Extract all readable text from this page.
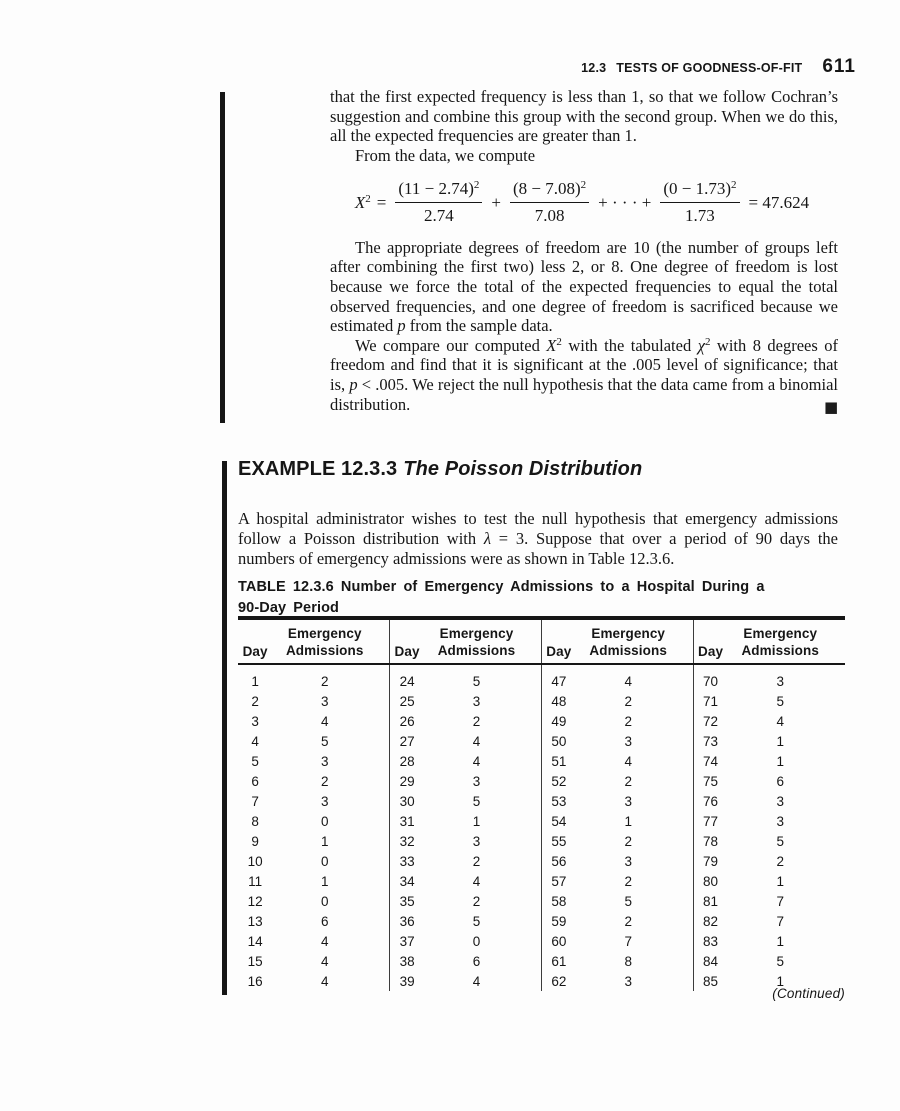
12.3 TESTS OF GOODNESS-OF-FIT 611

that the first expected frequency is less than 1, so that we follow Cochran’s suggestion and combine this group with the second group. When we do this, all the expected frequencies are greater than 1.

From the data, we compute

$X^2 = \frac{(11 - 2.74)^2}{2.74} + \frac{(8 - 7.08)^2}{7.08}$ + · · · + $\frac{(0 - 1.73)^2}{1.73} = 47.624$

The appropriate degrees of freedom are 10 (the number of groups left after combining the first two) less 2, or 8. One degree of freedom is lost because we force the total of the expected frequencies to equal the total observed frequencies, and one degree of freedom is sacrificed because we estimated p from the sample data.

We compare our computed $X^2$ with the tabulated $\chi^2$ with 8 degrees of freedom and find that it is significant at the .005 level of significance; that is, p < .005. We reject the null hypothesis that the data came from a binomial distribution.	■
EXAMPLE 12.3.3 The Poisson Distribution

A hospital administrator wishes to test the null hypothesis that emergency admissions follow a Poisson distribution with λ = 3. Suppose that over a period of 90 days the numbers of emergency admissions were as shown in Table 12.3.6.

TABLE 12.3.6 Number of Emergency Admissions to a Hospital During a
90-Day Period
Day	
Emergency
Admissions	Day	
Emergency
Admissions	Day	
Emergency
Admissions	Day	
Emergency
Admissions

1	2	24	5	47	4	70	3
2	3	25	3	48	2	71	5
3	4	26	2	49	2	72	4
4	5	27	4	50	3	73	1
5	3	28	4	51	4	74	1
6	2	29	3	52	2	75	6
7	3	30	5	53	3	76	3
8	0	31	1	54	1	77	3
9	1	32	3	55	2	78	5
10	0	33	2	56	3	79	2
11	1	34	4	57	2	80	1
12	0	35	2	58	5	81	7
13	6	36	5	59	2	82	7
14	4	37	0	60	7	83	1
15	4	38	6	61	8	84	5
16	4	39	4	62	3	85	1
(Continued)
